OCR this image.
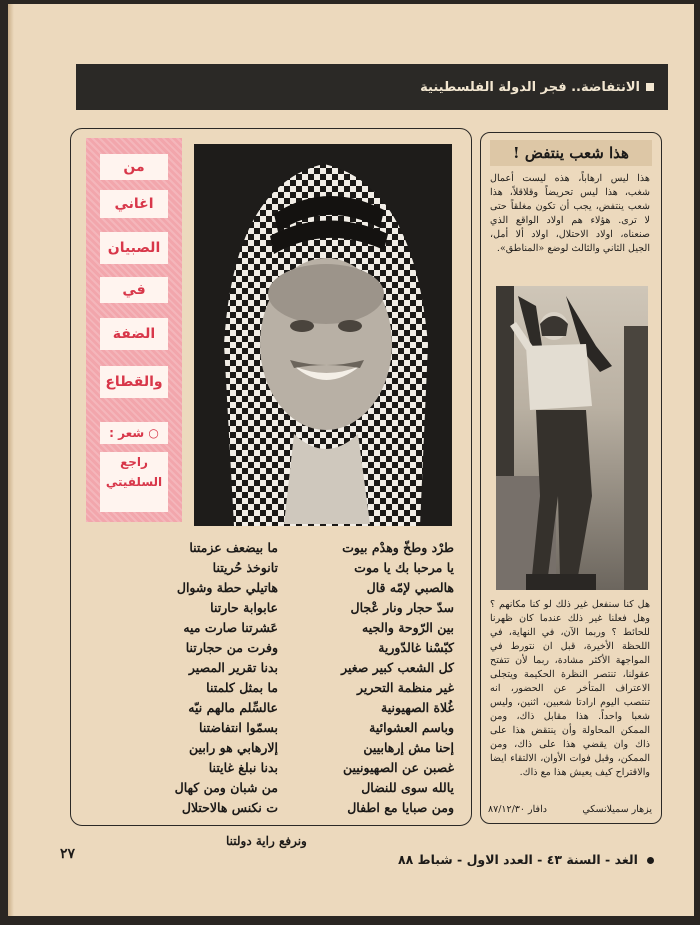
الانتفاضة.. فجر الدولة الفلسطينية
هذا شعب ينتفض !
هذا ليس ارهاباً، هذه ليست أعمال شغب، هذا ليس تحريضاً وقلاقلاً، هذا شعب ينتفض، يجب أن تكون مغلقاً حتى لا ترى. هؤلاء هم اولاد الواقع الذي صنعناه، اولاد الاحتلال، اولاد ألا أمل، الجيل الثاني والثالث لوضع «المناطق».
هل كنا سنفعل غير ذلك لو كنا مكانهم ؟ وهل فعلنا غير ذلك عندما كان ظهرنا للحائط ؟ وربما الآن، في النهاية، في اللحظة الأخيرة، قبل ان نتورط في المواجهة الأكثر مشادة، ربما لأن تتفتح عقولنا، تنتصر النظرة الحكيمة ويتجلى الاعتراف المتأخر عن الحضور، انه تنتصب اليوم ارادتا شعبين، اثنين، وليس شعبا واحداً. هذا مقابل ذاك، ومن الممكن المحاولة وأن ينتقض هذا على ذاك وان يقضي هذا على ذاك، ومن الممكن، وقبل فوات الأوان، الالتقاء ايضا والاقتراح كيف يعيش هذا مع ذاك.
يزهار سميلانسكي
دافار ٨٧/١٢/٣٠
من
اغاني
الصبيان
في
الضفة
والقطاع
○ شعر :
راجع
السلفيتي
طرْد وطخّ وهدْم بيوت
يا مرحبا بك يا موت
هالصبي لإمّه قال
سدّ حجار ونار عْجال
بين الرّوحة والجيه
كبّسْنا غالدّورية
كل الشعب كبير صغير
غير منظمة التحرير
غُلاة الصهيونية
وباسم العشوائية
إحنا مش إرهابيين
غصبن عن الصهيونيين
يالله سوى للنضال
ومن صبايا مع اطفال
ما بيضعف عزمتنا
تانوخذ حُريتنا
هاتيلي حطة وشوال
عابوابة حارتنا
عَشرتنا صارت ميه
وفرت من حجارتنا
بدنا تقرير المصير
ما بمثل كلمتنا
عالسِّلم مالهم نيّه
بسمّوا انتفاضتنا
إلارهابي هو رابين
بدنا نبلغ غايتنا
من شبان ومن كهال
ت نكنس هالاحتلال
ونرفع راية دولتنا
الغد - السنة ٤٣ - العدد الاول - شباط ٨٨
٢٧
